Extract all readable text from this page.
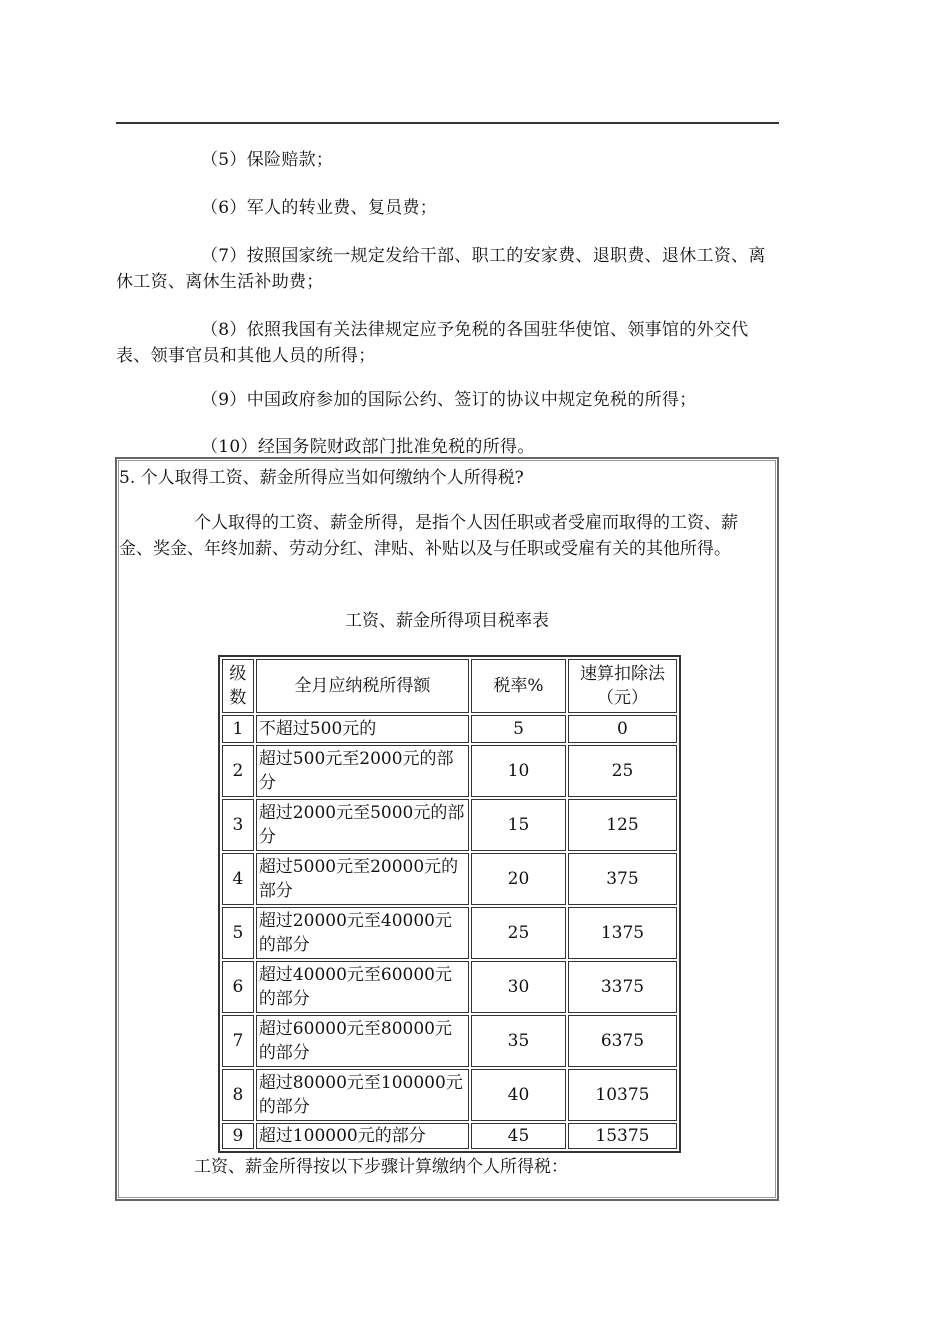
（5）保险赔款；

（6）军人的转业费、复员费；

（7）按照国家统一规定发给干部、职工的安家费、退职费、退休工资、离休工资、离休生活补助费；

（8）依照我国有关法律规定应予免税的各国驻华使馆、领事馆的外交代表、领事官员和其他人员的所得；

（9）中国政府参加的国际公约、签订的协议中规定免税的所得；

（10）经国务院财政部门批准免税的所得。

5. 个人取得工资、薪金所得应当如何缴纳个人所得税?

个人取得的工资、薪金所得，是指个人因任职或者受雇而取得的工资、薪金、奖金、年终加薪、劳动分红、津贴、补贴以及与任职或受雇有关的其他所得。

工资、薪金所得项目税率表

级数	全月应纳税所得额	税率%	速算扣除法（元）
1	不超过500元的	5	0
2	超过500元至2000元的部分	10	25
3	超过2000元至5000元的部分	15	125
4	超过5000元至20000元的部分	20	375
5	超过20000元至40000元的部分	25	1375
6	超过40000元至60000元的部分	30	3375
7	超过60000元至80000元的部分	35	6375
8	超过80000元至100000元的部分	40	10375
9	超过100000元的部分	45	15375

工资、薪金所得按以下步骤计算缴纳个人所得税：
